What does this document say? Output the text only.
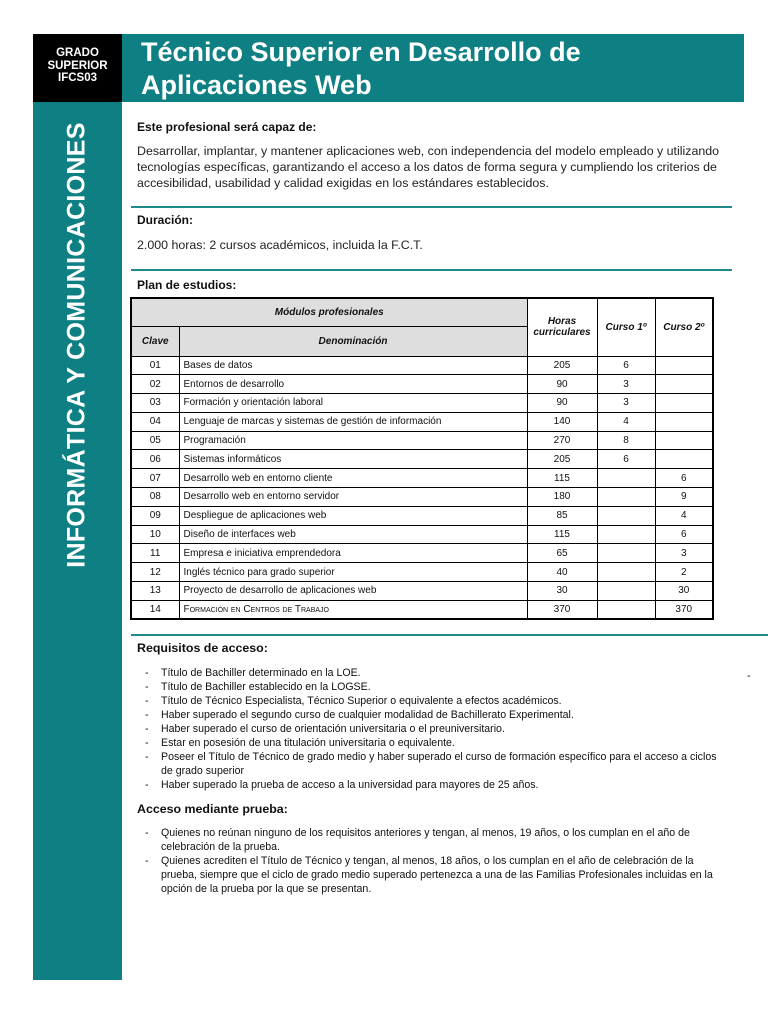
GRADO
SUPERIOR
IFCS03
INFORMÁTICA Y COMUNICACIONES
Técnico Superior en Desarrollo de
Aplicaciones Web
Este profesional será capaz de:
Desarrollar, implantar, y mantener aplicaciones web, con independencia del modelo empleado y utilizando tecnologías específicas, garantizando el acceso a los datos de forma segura y cumpliendo los criterios de accesibilidad, usabilidad y calidad exigidas en los estándares establecidos.
Duración:
2.000 horas: 2 cursos académicos, incluida la F.C.T.
Plan de estudios:
Módulos profesionales		Horas curriculares	Curso 1º	Curso 2º
Clave	Denominación			
01	Bases de datos	205	6	
02	Entornos de desarrollo	90	3	
03	Formación y orientación laboral	90	3	
04	Lenguaje de marcas y sistemas de gestión de información	140	4	
05	Programación	270	8	
06	Sistemas informáticos	205	6	
07	Desarrollo web en entorno cliente	115		6
08	Desarrollo web en entorno servidor	180		9
09	Despliegue de aplicaciones web	85		4
10	Diseño de interfaces web	115		6
11	Empresa e iniciativa emprendedora	65		3
12	Inglés técnico para grado superior	40		2
13	Proyecto de desarrollo de aplicaciones web	30		30
14	Formación en Centros de Trabajo	370		370
Requisitos de acceso:
- Título de Bachiller determinado en la LOE.
- Título de Bachiller establecido en la LOGSE.
- Título de Técnico Especialista, Técnico Superior o equivalente a efectos académicos.
- Haber superado el segundo curso de cualquier modalidad de Bachillerato Experimental.
- Haber superado el curso de orientación universitaria o el preuniversitario.
- Estar en posesión de una titulación universitaria o equivalente.
- Poseer el Título de Técnico de grado medio y haber superado el curso de formación específico para el acceso a ciclos de grado superior
- Haber superado la prueba de acceso a la universidad para mayores de 25 años.
-
Acceso mediante prueba:
- Quienes no reúnan ninguno de los requisitos anteriores y tengan, al menos, 19 años, o los cumplan en el año de celebración de la prueba.
- Quienes acrediten el Título de Técnico y tengan, al menos, 18 años, o los cumplan en el año de celebración de la prueba, siempre que el ciclo de grado medio superado pertenezca a una de las Familias Profesionales incluidas en la opción de la prueba por la que se presentan.
